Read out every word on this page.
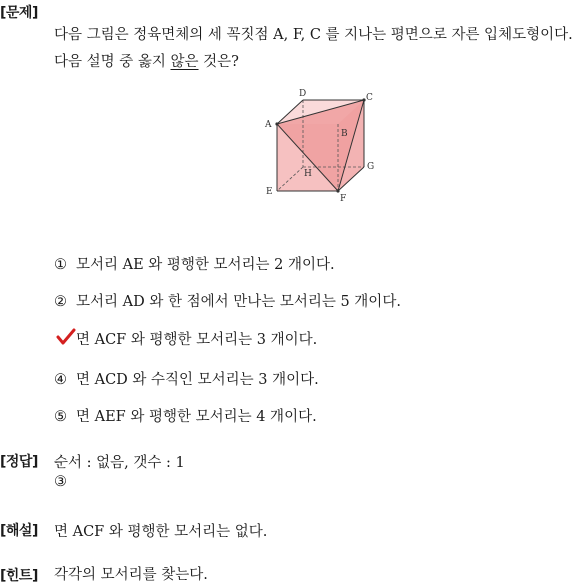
[문제]
다음 그림은 정육면체의 세 꼭짓점 A, F, C 를 지나는 평면으로 자른 입체도형이다.
다음 설명 중 옳지 않은 것은?
A
B
C
D
E
F
G
H
① 모서리 AE 와 평행한 모서리는 2 개이다.
② 모서리 AD 와 한 점에서 만나는 모서리는 5 개이다.
면 ACF 와 평행한 모서리는 3 개이다.
④ 면 ACD 와 수직인 모서리는 3 개이다.
⑤ 면 AEF 와 평행한 모서리는 4 개이다.
[정답] 순서 : 없음, 갯수 : 1
③
[해설] 면 ACF 와 평행한 모서리는 없다.
[힌트] 각각의 모서리를 찾는다.
